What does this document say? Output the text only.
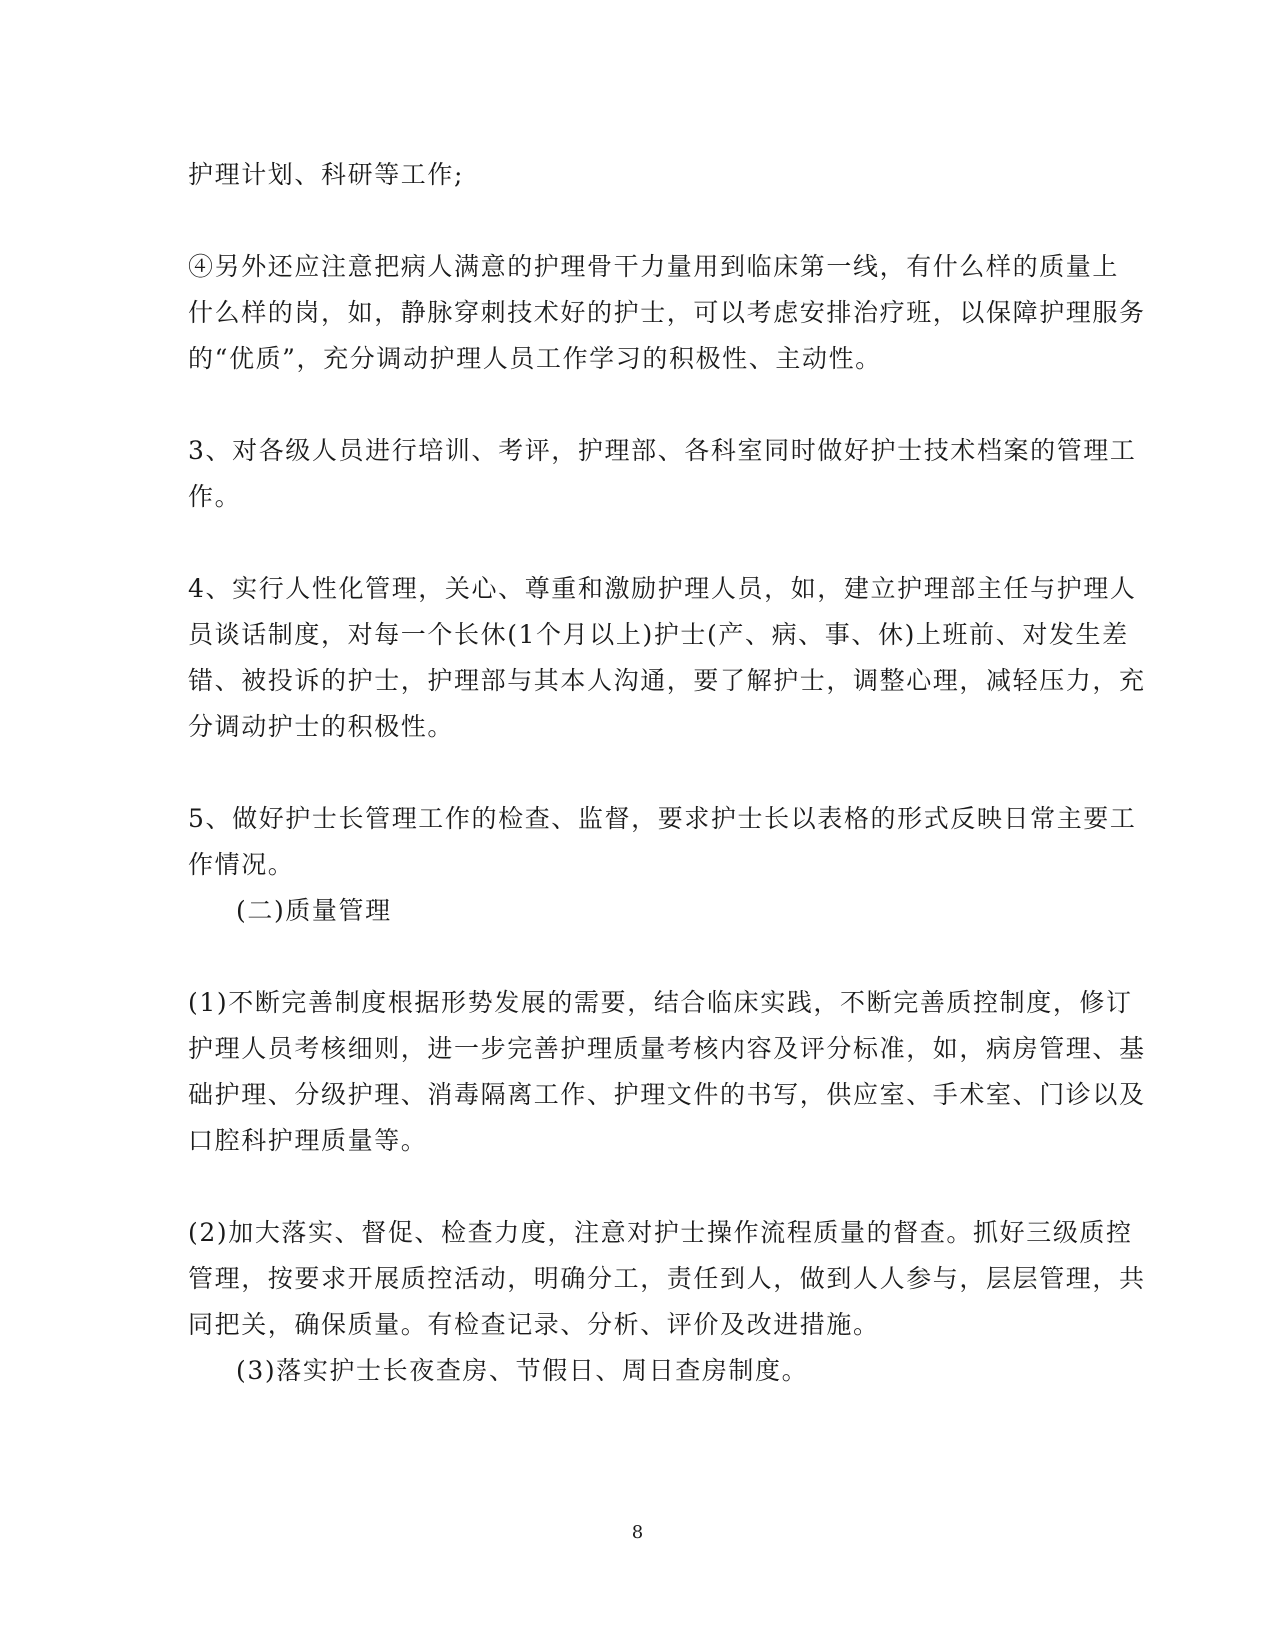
护理计划、科研等工作;
④另外还应注意把病人满意的护理骨干力量用到临床第一线，有什么样的质量上
什么样的岗，如，静脉穿刺技术好的护士，可以考虑安排治疗班，以保障护理服务
的“优质”，充分调动护理人员工作学习的积极性、主动性。
3、对各级人员进行培训、考评，护理部、各科室同时做好护士技术档案的管理工
作。
4、实行人性化管理，关心、尊重和激励护理人员，如，建立护理部主任与护理人
员谈话制度，对每一个长休(1个月以上)护士(产、病、事、休)上班前、对发生差
错、被投诉的护士，护理部与其本人沟通，要了解护士，调整心理，减轻压力，充
分调动护士的积极性。
5、做好护士长管理工作的检查、监督，要求护士长以表格的形式反映日常主要工
作情况。
(二)质量管理
(1)不断完善制度根据形势发展的需要，结合临床实践，不断完善质控制度，修订
护理人员考核细则，进一步完善护理质量考核内容及评分标准，如，病房管理、基
础护理、分级护理、消毒隔离工作、护理文件的书写，供应室、手术室、门诊以及
口腔科护理质量等。
(2)加大落实、督促、检查力度，注意对护士操作流程质量的督查。抓好三级质控
管理，按要求开展质控活动，明确分工，责任到人，做到人人参与，层层管理，共
同把关，确保质量。有检查记录、分析、评价及改进措施。
(3)落实护士长夜查房、节假日、周日查房制度。
8
